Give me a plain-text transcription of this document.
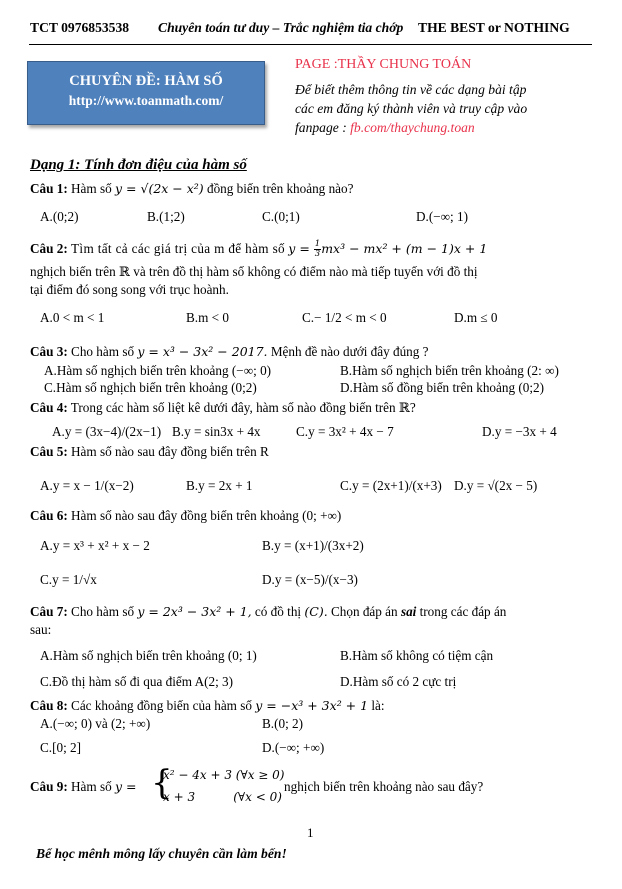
TCT 0976853538 Chuyên toán tư duy – Trắc nghiệm tia chớp THE BEST or NOTHING
CHUYÊN ĐỀ: HÀM SỐ
http://www.toanmath.com/
PAGE :THẦY CHUNG TOÁN
Để biết thêm thông tin về các dạng bài tập
các em đăng ký thành viên và truy cập vào
fanpage : fb.com/thaychung.toan
Dạng 1: Tính đơn điệu của hàm số
Câu 1: Hàm số y = √(2x − x²) đồng biến trên khoảng nào?
A.(0;2)	B.(1;2)	C.(0;1)	D.(−∞; 1)
Câu 2: Tìm tất cả các giá trị của m để hàm số $y = \frac{1}{3} mx^3 - mx^2 + (m - 1)x + 1$
nghịch biến trên ℝ và trên đồ thị hàm số không có điểm nào mà tiếp tuyến với đồ thị
tại điểm đó song song với trục hoành.
A.0 < m < 1	B.m < 0	C.− 1/2 < m < 0	D.m ≤ 0
Câu 3: Cho hàm số y = x³ − 3x² − 2017. Mệnh đề nào dưới đây đúng ?
A.Hàm số nghịch biến trên khoảng (−∞; 0)	B.Hàm số nghịch biến trên khoảng (2: ∞)
C.Hàm số nghịch biến trên khoảng (0;2)	D.Hàm số đồng biến trên khoảng (0;2)
Câu 4: Trong các hàm số liệt kê dưới đây, hàm số nào đồng biến trên ℝ?
A.y = (3x−4)/(2x−1) B.y = sin3x + 4x	C.y = 3x² + 4x − 7	D.y = −3x + 4
Câu 5: Hàm số nào sau đây đồng biến trên R
A.y = x − 1/(x−2)	B.y = 2x + 1	C.y = (2x+1)/(x+3) D.y = √(2x − 5)
Câu 6: Hàm số nào sau đây đồng biến trên khoảng (0; +∞)
A.y = x³ + x² + x − 2	B.y = (x+1)/(3x+2)
C.y = 1/√x	D.y = (x−5)/(x−3)
Câu 7: Cho hàm số y = 2x³ − 3x² + 1, có đồ thị (C). Chọn đáp án sai trong các đáp án
sau:
A.Hàm số nghịch biến trên khoảng (0; 1)	B.Hàm số không có tiệm cận
C.Đồ thị hàm số đi qua điểm A(2; 3)	D.Hàm số có 2 cực trị
Câu 8: Các khoảng đồng biến của hàm số y = −x³ + 3x² + 1 là:
A.(−∞; 0) và (2; +∞)	B.(0; 2)
C.[0; 2]	D.(−∞; +∞)
Câu 9: Hàm số y = {
x² − 4x + 3 (∀x ≥ 0)
x + 3          (∀x < 0)
nghịch biến trên khoảng nào sau đây?
1
Bể học mênh mông lấy chuyên cần làm bến!
